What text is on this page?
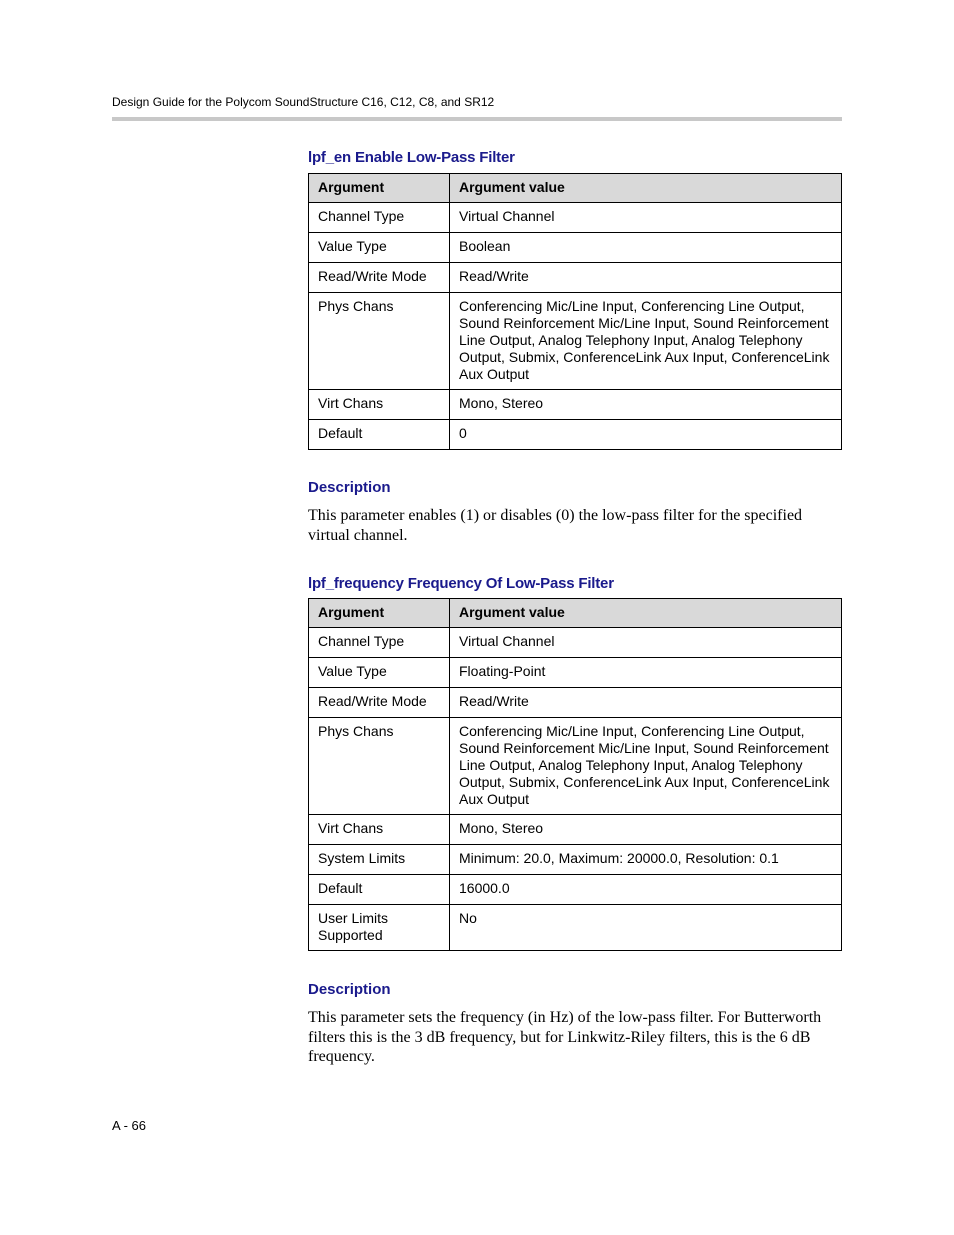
Design Guide for the Polycom SoundStructure C16, C12, C8, and SR12
lpf_en Enable Low-Pass Filter
Argument	Argument value
Channel Type	Virtual Channel
Value Type	Boolean
Read/Write Mode	Read/Write
Phys Chans	Conferencing Mic/Line Input, Conferencing Line Output, Sound Reinforcement Mic/Line Input, Sound Reinforcement Line Output, Analog Telephony Input, Analog Telephony Output, Submix, ConferenceLink Aux Input, ConferenceLink Aux Output
Virt Chans	Mono, Stereo
Default	0
Description
This parameter enables (1) or disables (0) the low-pass filter for the specified virtual channel.
lpf_frequency Frequency Of Low-Pass Filter
Argument	Argument value
Channel Type	Virtual Channel
Value Type	Floating-Point
Read/Write Mode	Read/Write
Phys Chans	Conferencing Mic/Line Input, Conferencing Line Output, Sound Reinforcement Mic/Line Input, Sound Reinforcement Line Output, Analog Telephony Input, Analog Telephony Output, Submix, ConferenceLink Aux Input, ConferenceLink Aux Output
Virt Chans	Mono, Stereo
System Limits	Minimum: 20.0, Maximum: 20000.0, Resolution: 0.1
Default	16000.0
User Limits Supported	No
Description
This parameter sets the frequency (in Hz) of the low-pass filter. For Butterworth filters this is the 3 dB frequency, but for Linkwitz-Riley filters, this is the 6 dB frequency.
A - 66
